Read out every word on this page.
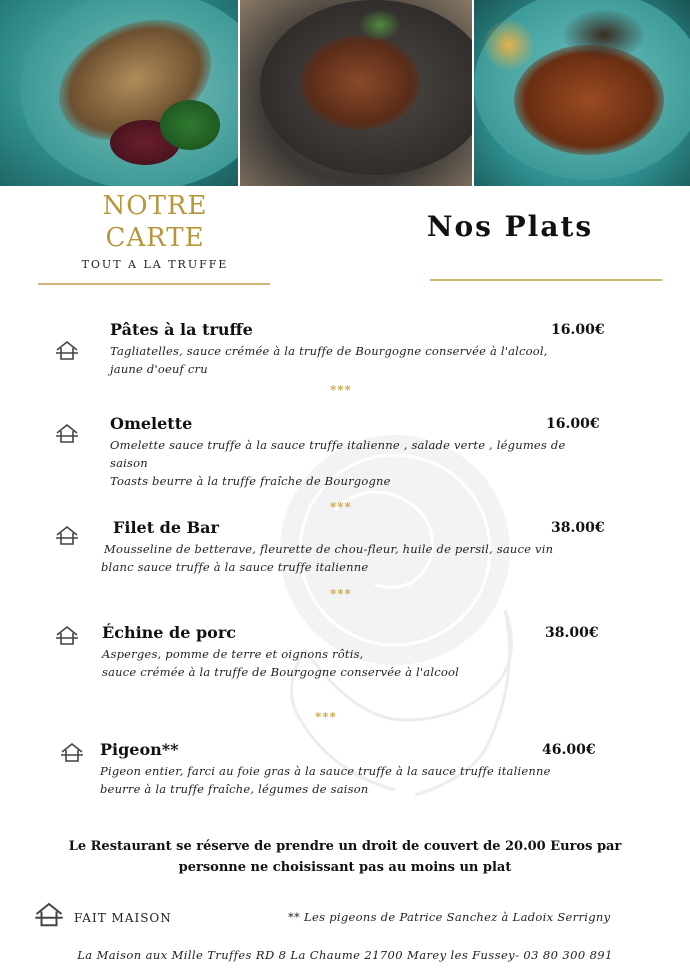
NOTRE
CARTE
TOUT A LA TRUFFE
Nos Plats
Pâtes à la truffe	16.00€
Tagliatelles, sauce crémée à la truffe de Bourgogne conservée à l'alcool,
jaune d'oeuf cru
***
Omelette	16.00€
Omelette sauce truffe à la sauce truffe italienne , salade verte , légumes de
saison
Toasts beurre à la truffe fraîche de Bourgogne
***
Filet de Bar	38.00€
Mousseline de betterave, fleurette de chou-fleur, huile de persil, sauce vin
blanc sauce truffe à la sauce truffe italienne
***
Échine de porc	38.00€
Asperges, pomme de terre et oignons rôtis,
sauce crémée à la truffe de Bourgogne conservée à l'alcool
***
Pigeon**	46.00€
Pigeon entier, farci au foie gras à la sauce truffe à la sauce truffe italienne
beurre à la truffe fraîche, légumes de saison
Le Restaurant se réserve de prendre un droit de couvert de 20.00 Euros par
personne ne choisissant pas au moins un plat
FAIT MAISON	** Les pigeons de Patrice Sanchez à Ladoix Serrigny
La Maison aux Mille Truffes RD 8 La Chaume 21700 Marey les Fussey- 03 80 300 891
